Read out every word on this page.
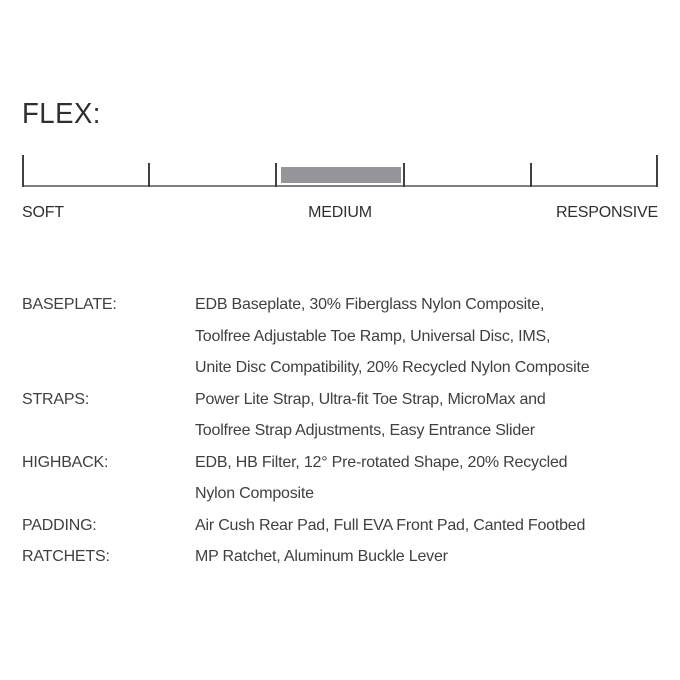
FLEX:
SOFT	MEDIUM	RESPONSIVE
BASEPLATE:	EDB Baseplate, 30% Fiberglass Nylon Composite,
Toolfree Adjustable Toe Ramp, Universal Disc, IMS,
Unite Disc Compatibility, 20% Recycled Nylon Composite
STRAPS:	Power Lite Strap, Ultra-fit Toe Strap, MicroMax and
Toolfree Strap Adjustments, Easy Entrance Slider
HIGHBACK:	EDB, HB Filter, 12° Pre-rotated Shape, 20% Recycled
Nylon Composite
PADDING:	Air Cush Rear Pad, Full EVA Front Pad, Canted Footbed
RATCHETS:	MP Ratchet, Aluminum Buckle Lever
